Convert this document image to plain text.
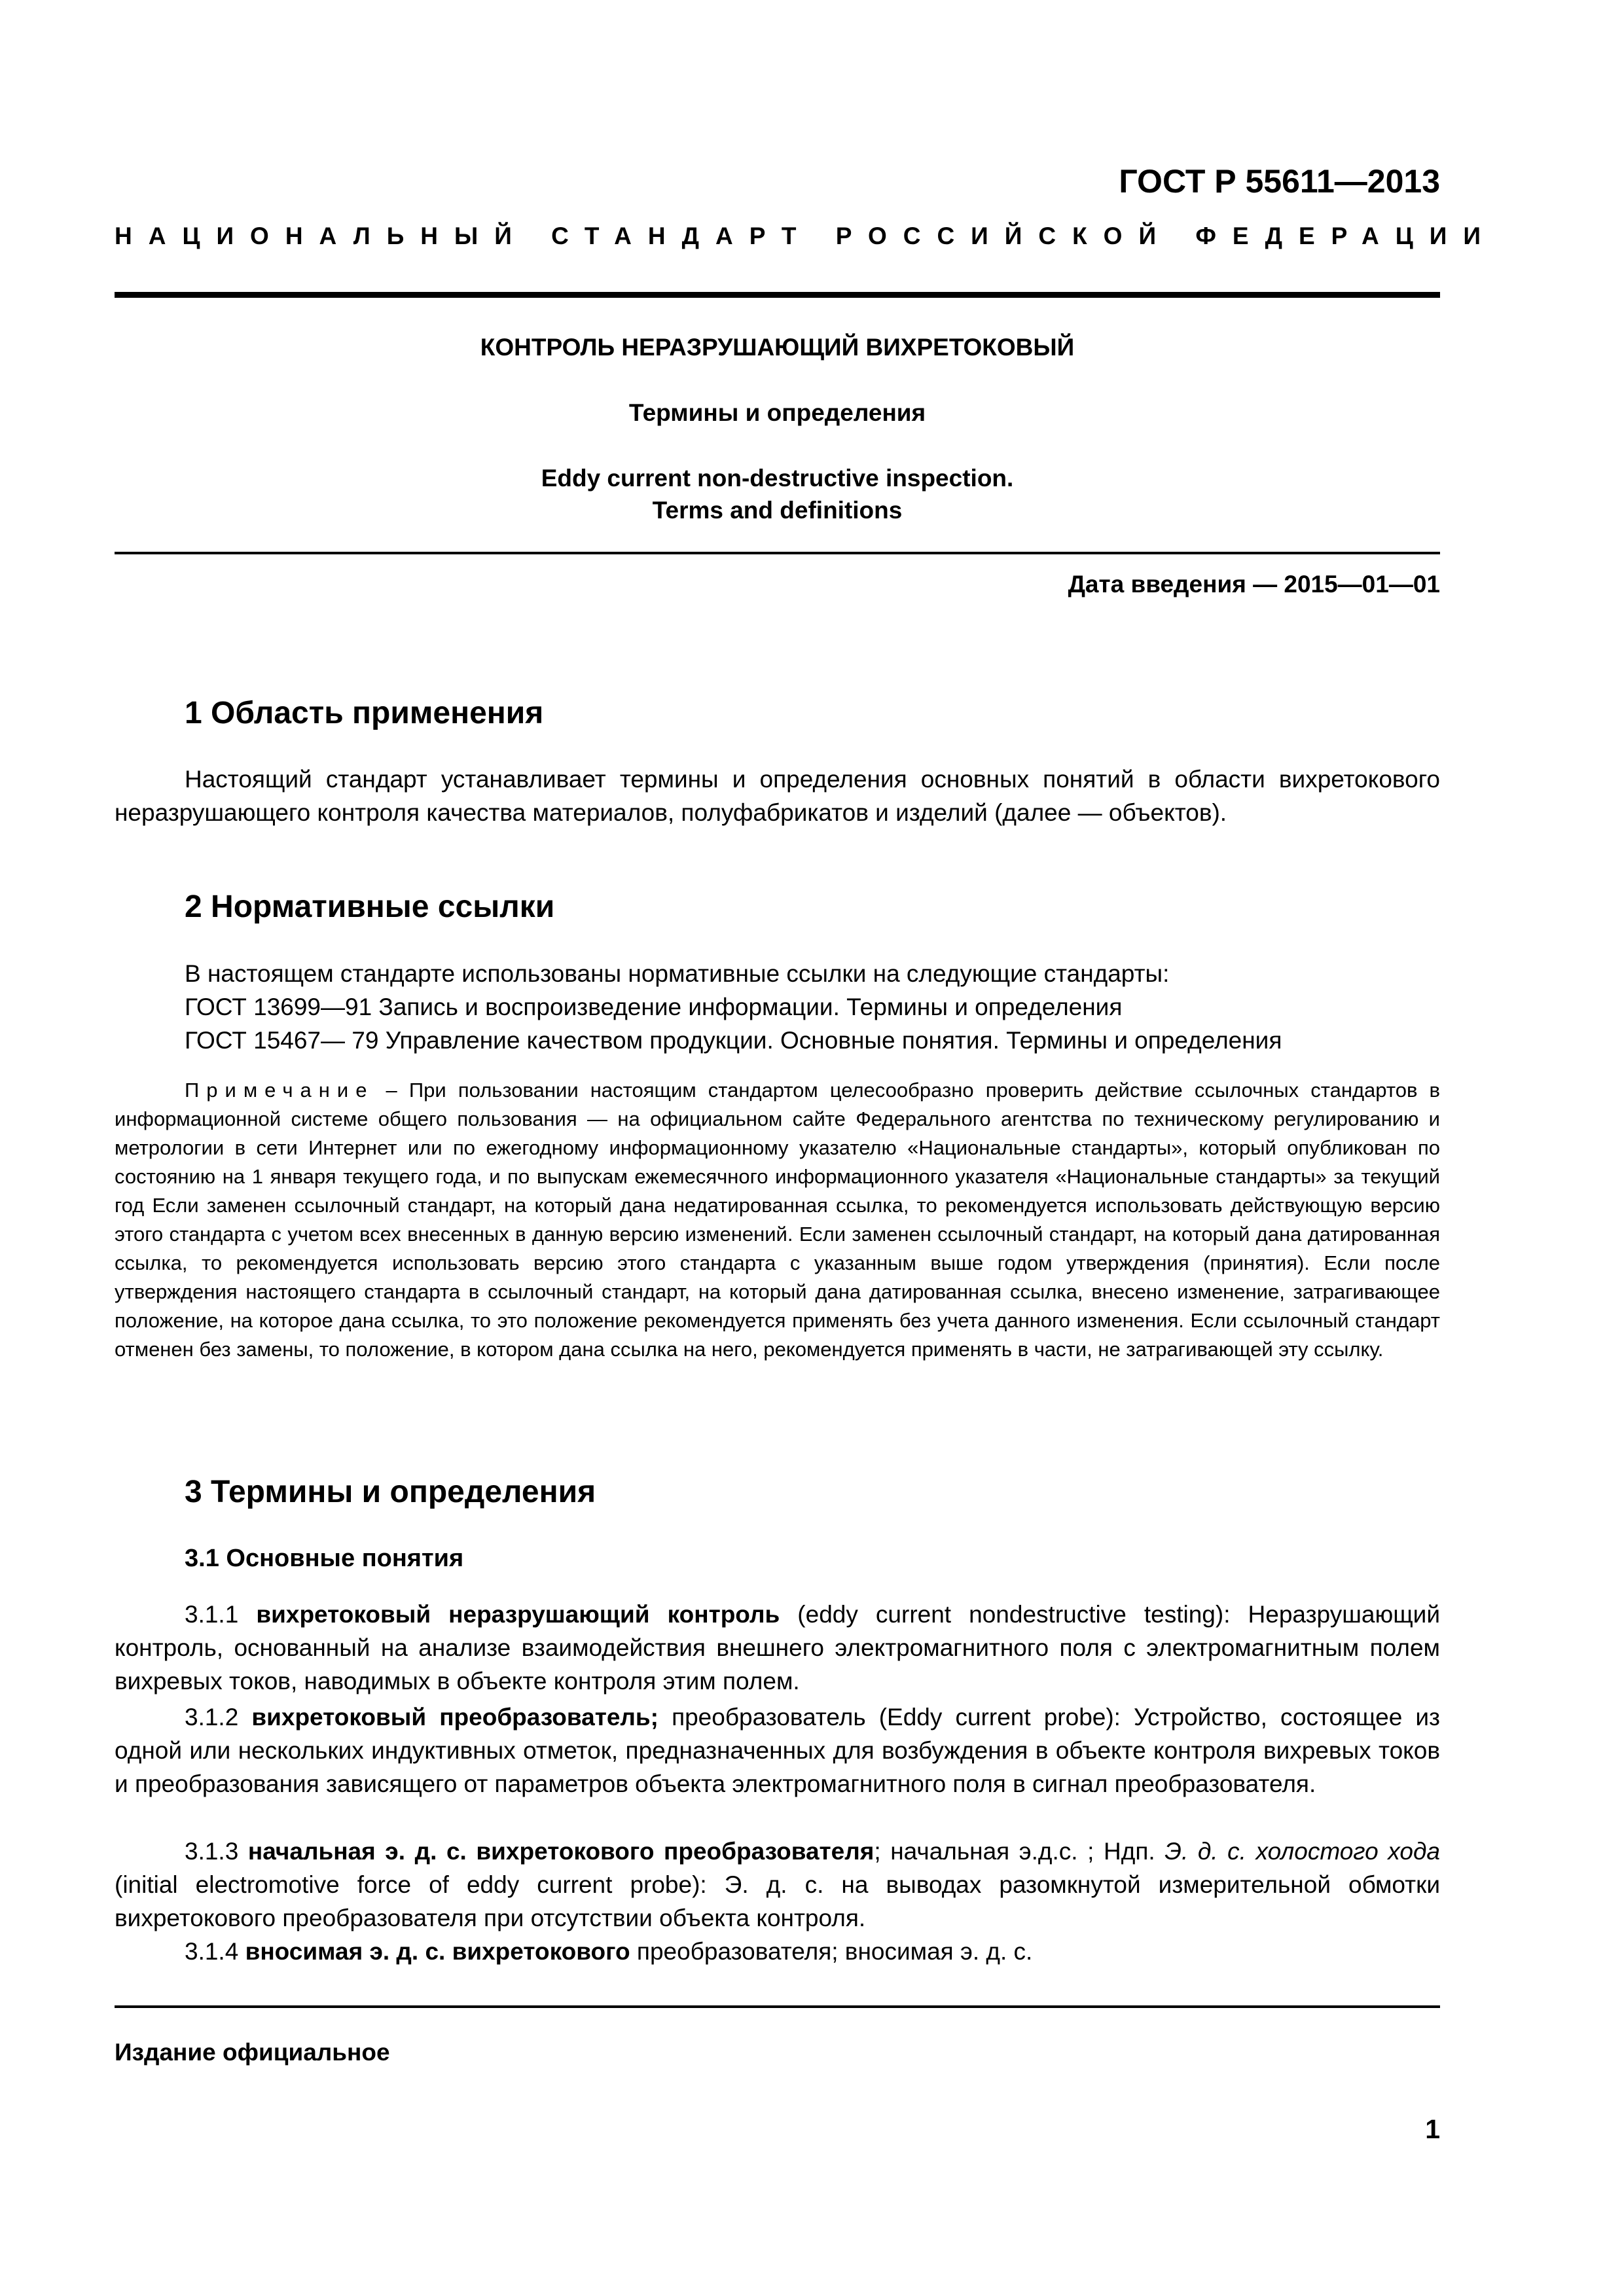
ГОСТ Р 55611—2013
НАЦИОНАЛЬНЫЙ СТАНДАРТ РОССИЙСКОЙ ФЕДЕРАЦИИ
КОНТРОЛЬ НЕРАЗРУШАЮЩИЙ ВИХРЕТОКОВЫЙ
Термины и определения
Eddy current non-destructive inspection.
Terms and definitions
Дата введения — 2015—01—01
1 Область применения
Настоящий стандарт устанавливает термины и определения основных понятий в области вихретокового неразрушающего контроля качества материалов, полуфабрикатов и изделий (далее — объектов).
2 Нормативные ссылки
В настоящем стандарте использованы нормативные ссылки на следующие стандарты:
ГОСТ 13699—91 Запись и воспроизведение информации. Термины и определения
ГОСТ 15467— 79 Управление качеством продукции. Основные понятия. Термины и определения
Примечание – При пользовании настоящим стандартом целесообразно проверить действие ссылочных стандартов в информационной системе общего пользования — на официальном сайте Федерального агентства по техническому регулированию и метрологии в сети Интернет или по ежегодному информационному указателю «Национальные стандарты», который опубликован по состоянию на 1 января текущего года, и по выпускам ежемесячного информационного указателя «Национальные стандарты» за текущий год Если заменен ссылочный стандарт, на который дана недатированная ссылка, то рекомендуется использовать действующую версию этого стандарта с учетом всех внесенных в данную версию изменений. Если заменен ссылочный стандарт, на который дана датированная ссылка, то рекомендуется использовать версию этого стандарта с указанным выше годом утверждения (принятия). Если после утверждения настоящего стандарта в ссылочный стандарт, на который дана датированная ссылка, внесено изменение, затрагивающее положение, на которое дана ссылка, то это положение рекомендуется применять без учета данного изменения. Если ссылочный стандарт отменен без замены, то положение, в котором дана ссылка на него, рекомендуется применять в части, не затрагивающей эту ссылку.
3 Термины и определения
3.1 Основные понятия
3.1.1 вихретоковый неразрушающий контроль (eddy current nondestructive testing): Неразрушающий контроль, основанный на анализе взаимодействия внешнего электромагнитного поля с электромагнитным полем вихревых токов, наводимых в объекте контроля этим полем.
3.1.2 вихретоковый преобразователь; преобразователь (Eddy current probe): Устройство, состоящее из одной или нескольких индуктивных отметок, предназначенных для возбуждения в объекте контроля вихревых токов и преобразования зависящего от параметров объекта электромагнитного поля в сигнал преобразователя.
3.1.3 начальная э. д. с. вихретокового преобразователя; начальная э.д.с. ; Ндп. Э. д. с. холостого хода (initial electromotive force of eddy current probe): Э. д. с. на выводах разомкнутой измерительной обмотки вихретокового преобразователя при отсутствии объекта контроля.
3.1.4 вносимая э. д. с. вихретокового преобразователя; вносимая э. д. с.
Издание официальное
1
